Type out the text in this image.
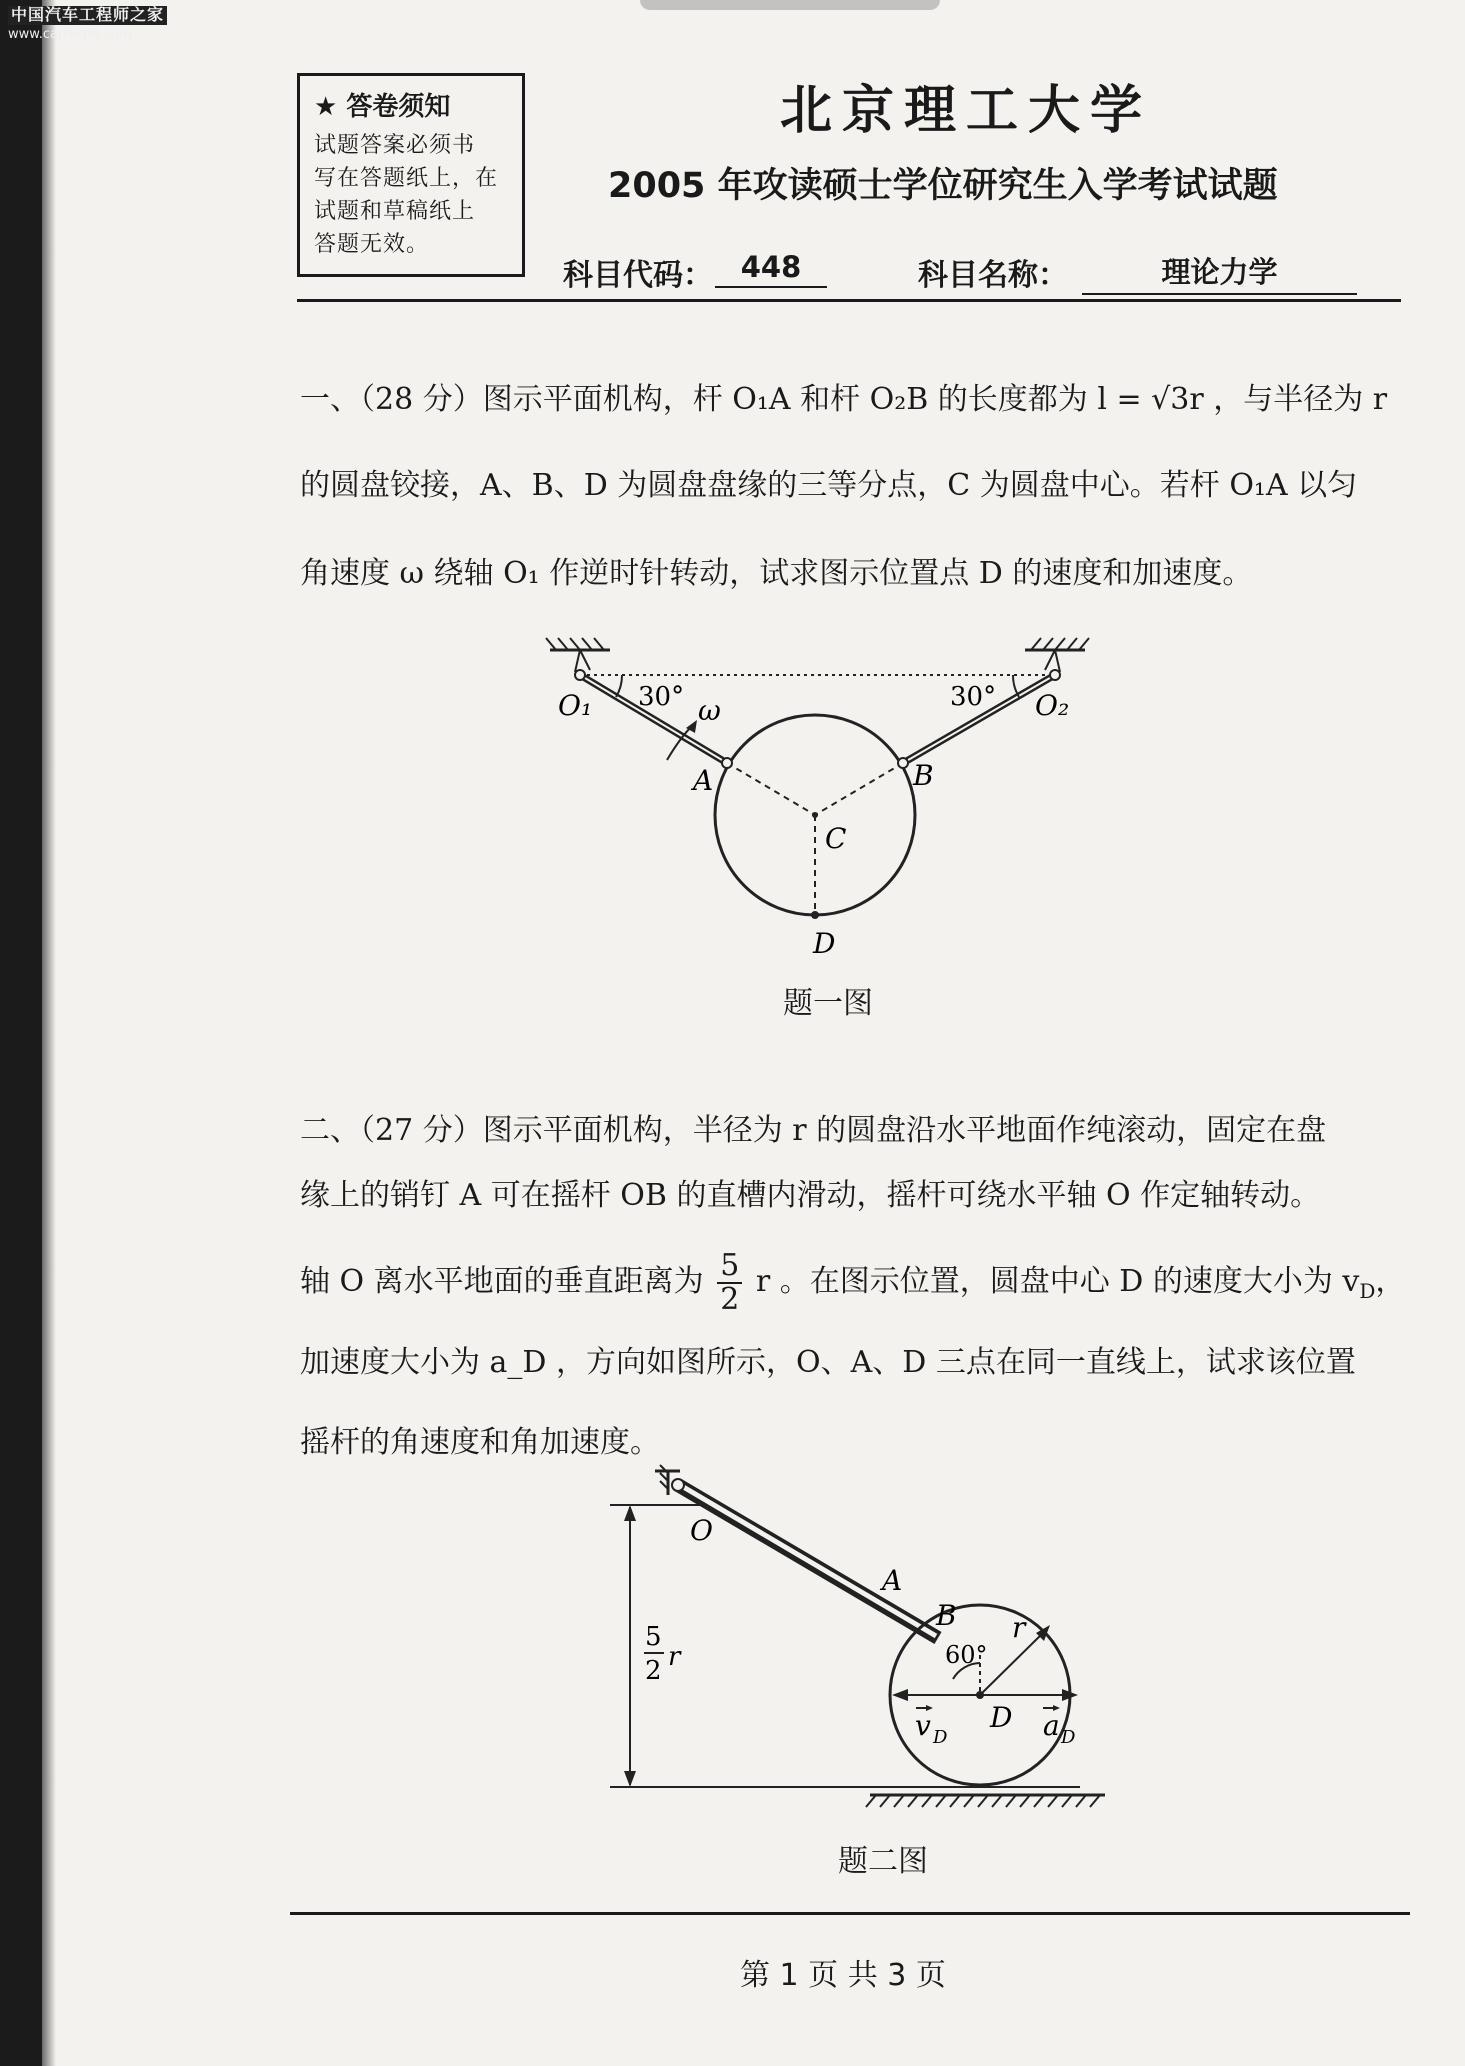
中国汽车工程师之家
www.cartech8.com
★ 答卷须知
试题答案必须书
写在答题纸上，在
试题和草稿纸上
答题无效。
北京理工大学
2005 年攻读硕士学位研究生入学考试试题
科目代码： 448	科目名称：	理论力学
一、（28 分）图示平面机构，杆 O₁A 和杆 O₂B 的长度都为 l = √3r ，与半径为 r
的圆盘铰接，A、B、D 为圆盘盘缘的三等分点，C 为圆盘中心。若杆 O₁A 以匀
角速度 ω 绕轴 O₁ 作逆时针转动，试求图示位置点 D 的速度和加速度。
O₁	O₂
30°	30°
ω
A	B
C
D
题一图
二、（27 分）图示平面机构，半径为 r 的圆盘沿水平地面作纯滚动，固定在盘
缘上的销钉 A 可在摇杆 OB 的直槽内滑动，摇杆可绕水平轴 O 作定轴转动。
轴 O 离水平地面的垂直距离为 $\frac{5}{2}$ r 。在图示位置，圆盘中心 D 的速度大小为 $v_D$，
加速度大小为 a_D ，方向如图所示，O、A、D 三点在同一直线上，试求该位置
摇杆的角速度和角加速度。
O
A
B r
60°
D
v D	a D
5
2 r
题二图
第 1 页 共 3 页
